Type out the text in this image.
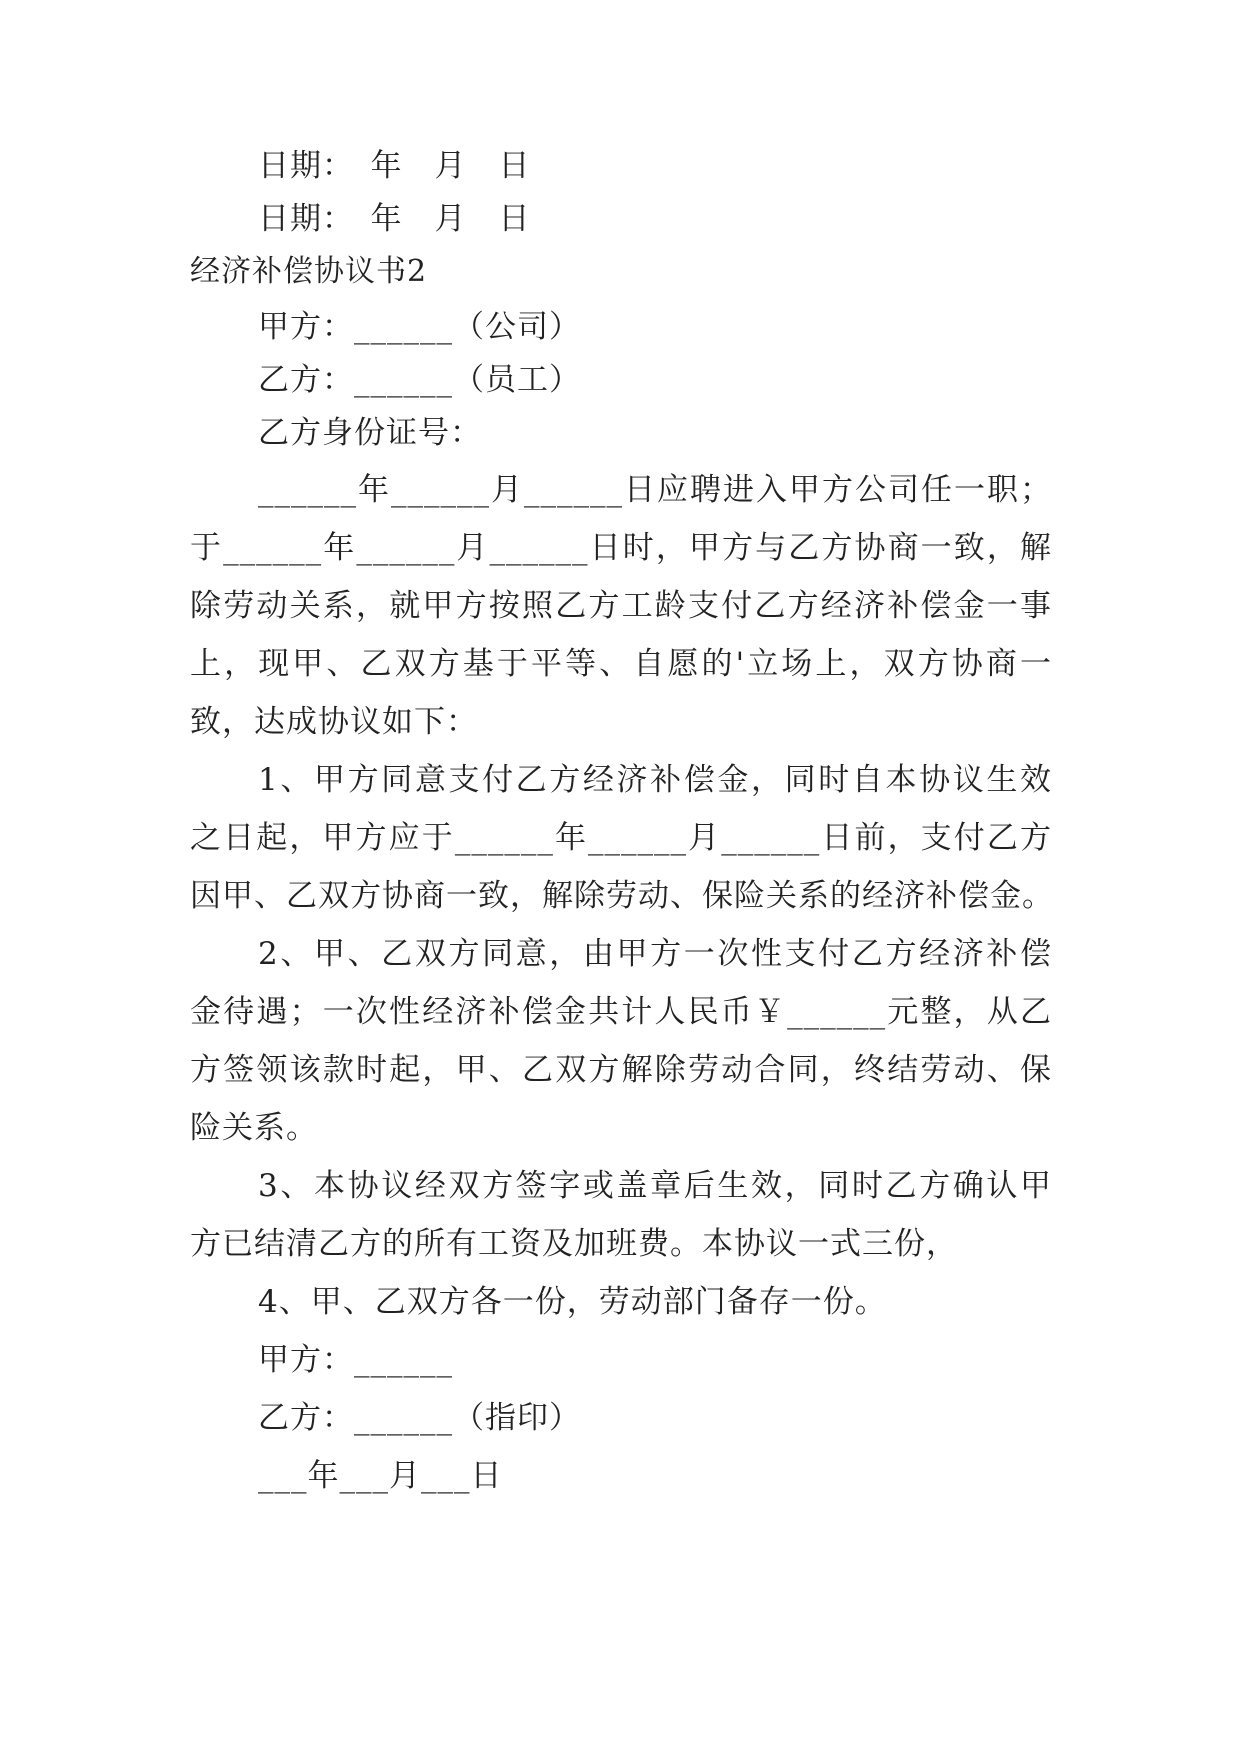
日期：　年　月　日
日期：　年　月　日
经济补偿协议书2
甲方：______（公司）
乙方：______（员工）
乙方身份证号：
______年______月______日应聘进入甲方公司任一职；
于______年______月______日时，甲方与乙方协商一致，解
除劳动关系，就甲方按照乙方工龄支付乙方经济补偿金一事
上，现甲、乙双方基于平等、自愿的'立场上，双方协商一
致，达成协议如下：
1、甲方同意支付乙方经济补偿金，同时自本协议生效
之日起，甲方应于______年______月______日前，支付乙方
因甲、乙双方协商一致，解除劳动、保险关系的经济补偿金。
2、甲、乙双方同意，由甲方一次性支付乙方经济补偿
金待遇；一次性经济补偿金共计人民币￥______元整，从乙
方签领该款时起，甲、乙双方解除劳动合同，终结劳动、保
险关系。
3、本协议经双方签字或盖章后生效，同时乙方确认甲
方已结清乙方的所有工资及加班费。本协议一式三份，
4、甲、乙双方各一份，劳动部门备存一份。
甲方：______
乙方：______（指印）
___年___月___日
